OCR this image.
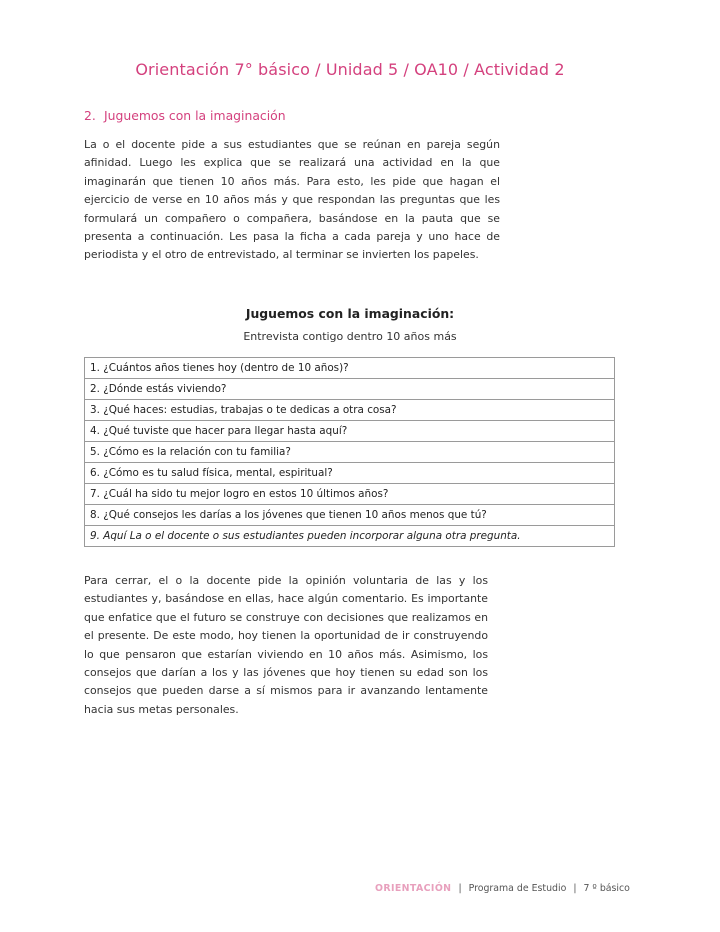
Orientación 7° básico / Unidad 5 / OA10 / Actividad 2
2. Juguemos con la imaginación

La o el docente pide a sus estudiantes que se reúnan en pareja según afinidad. Luego les explica que se realizará una actividad en la que imaginarán que tienen 10 años más. Para esto, les pide que hagan el ejercicio de verse en 10 años más y que respondan las preguntas que les formulará un compañero o compañera, basándose en la pauta que se presenta a continuación. Les pasa la ficha a cada pareja y uno hace de periodista y el otro de entrevistado, al terminar se invierten los papeles.

Juguemos con la imaginación:
Entrevista contigo dentro 10 años más
1. ¿Cuántos años tienes hoy (dentro de 10 años)?
2. ¿Dónde estás viviendo?
3. ¿Qué haces: estudias, trabajas o te dedicas a otra cosa?
4. ¿Qué tuviste que hacer para llegar hasta aquí?
5. ¿Cómo es la relación con tu familia?
6. ¿Cómo es tu salud física, mental, espiritual?
7. ¿Cuál ha sido tu mejor logro en estos 10 últimos años?
8. ¿Qué consejos les darías a los jóvenes que tienen 10 años menos que tú?
9. Aquí La o el docente o sus estudiantes pueden incorporar alguna otra pregunta.

Para cerrar, el o la docente pide la opinión voluntaria de las y los estudiantes y, basándose en ellas, hace algún comentario. Es importante que enfatice que el futuro se construye con decisiones que realizamos en el presente. De este modo, hoy tienen la oportunidad de ir construyendo lo que pensaron que estarían viviendo en 10 años más. Asimismo, los consejos que darían a los y las jóvenes que hoy tienen su edad son los consejos que pueden darse a sí mismos para ir avanzando lentamente hacia sus metas personales.

ORIENTACIÓN | Programa de Estudio | 7 º básico
